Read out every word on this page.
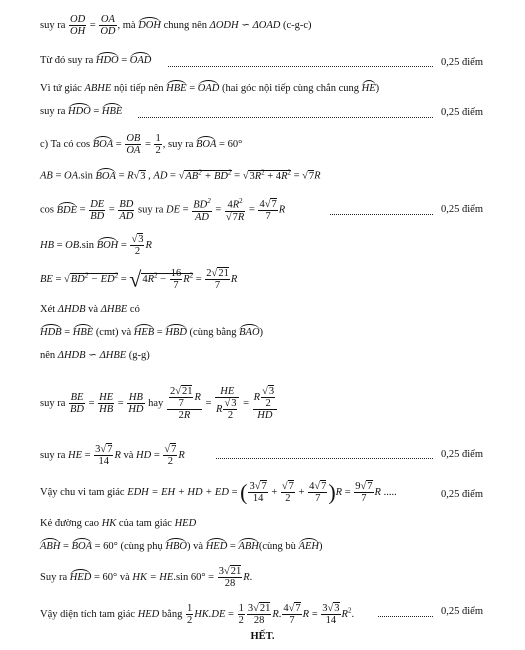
suy ra $\frac{OD}{OH} = \frac{OA}{OD}$ , mà DOH chung nên ΔODH ∽ ΔOAD (c-g-c)
Từ đó suy ra HDO = OAD	0,25 điểm
Vì tứ giác ABHE nội tiếp nên HBE = OAD (hai góc nội tiếp cùng chắn cung HE)
suy ra HDO = HBE	0,25 điểm
c) Ta có cos BOA = $\frac{OB}{OA} = \frac{1}{2}$ , suy ra BOA = 60°
AB = OA.sin BOA = R√3 , AD = $√AB^2 + BD^2 = √3R^2 + 4R^2 = √7R$
cos BDE = $\frac{DE}{BD} = \frac{BD}{AD}$ suy ra DE = $\frac{BD^2}{AD} = \frac{4R^2}{√7R} = \frac{4√7}{7}$ R	0,25 điểm
HB = OB.sin BOH = $\frac{√3}{2}$ R
BE = $√BD^2 - ED^2 = √4R^2 - \frac{16}{7} R^2 = \frac{2√21}{7}$ R
Xét ΔHDB và ΔHBE có
HDB = HBE (cmt) và HEB = HBD (cùng bằng BAO)
nên ΔHDB ∽ ΔHBE (g-g)
suy ra $\frac{BE}{BD} = \frac{HE}{HB} = \frac{HB}{HD}$ hay $\frac{\frac{2√21}{7} R}{2R} = \frac{HE}{R \frac{√3}{2}} = \frac{R \frac{√3}{2}}{HD}$
suy ra HE = $\frac{3√7}{14}$ R và HD = $\frac{√7}{2}$ R	0,25 điểm
Vậy chu vi tam giác EDH = EH + HD + ED = ( $\frac{3√7}{14} + \frac{√7}{2} + \frac{4√7}{7} )R = \frac{9√7}{7}$ R .....	0,25 điểm
Kẻ đường cao HK của tam giác HED
ABH = BOA = 60° (cùng phụ HBO) và HED = ABH(cùng bù AEH)
Suy ra HED = 60° và HK = HE.sin $60^\circ = \frac{3√21}{28} R$.
Vậy diện tích tam giác HED bằng $\frac{1}{2} HK.DE = \frac{1}{2} \frac{3√21}{28} R$. $\frac{4√7}{7}$ $R = \frac{3√3}{14} R^2$.	0,25 điểm
HẾT.
